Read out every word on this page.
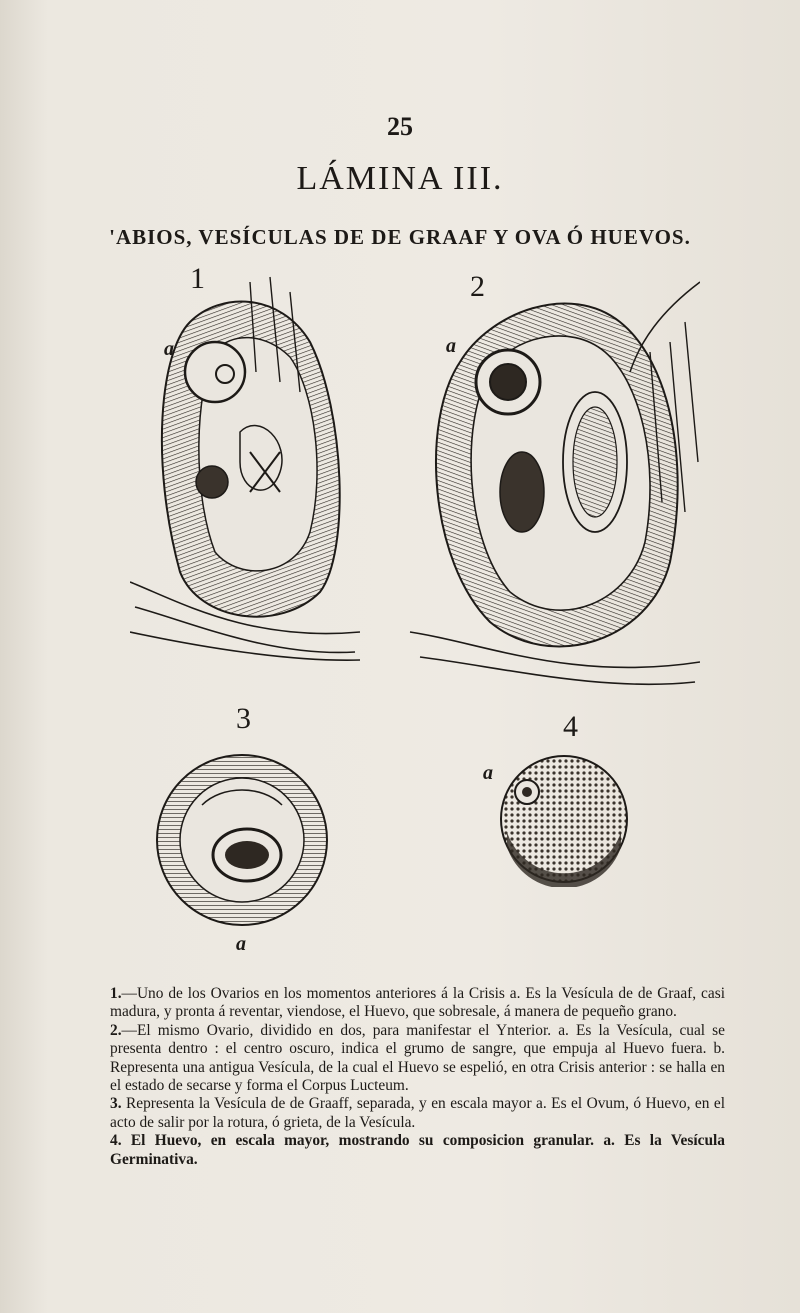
25
LÁMINA III.
'ABIOS, VESÍCULAS DE DE GRAAF Y OVA Ó HUEVOS.
1
a
2
a
3
a
4
a

1.—Uno de los Ovarios en los momentos anteriores á la Crisis a. Es la Vesícula de de Graaf, casi madura, y pronta á reventar, viendose, el Huevo, que sobresale, á manera de pequeño grano.

2.—El mismo Ovario, dividido en dos, para manifestar el Ynterior. a. Es la Vesícula, cual se presenta dentro : el centro oscuro, indica el grumo de sangre, que empuja al Huevo fuera. b. Representa una antigua Vesícula, de la cual el Huevo se espelió, en otra Crisis anterior : se halla en el estado de secarse y forma el Corpus Lucteum.

3. Representa la Vesícula de de Graaff, separada, y en escala mayor a. Es el Ovum, ó Huevo, en el acto de salir por la rotura, ó grieta, de la Vesícula.

4. El Huevo, en escala mayor, mostrando su composicion granular. a. Es la Vesícula Germinativa.
